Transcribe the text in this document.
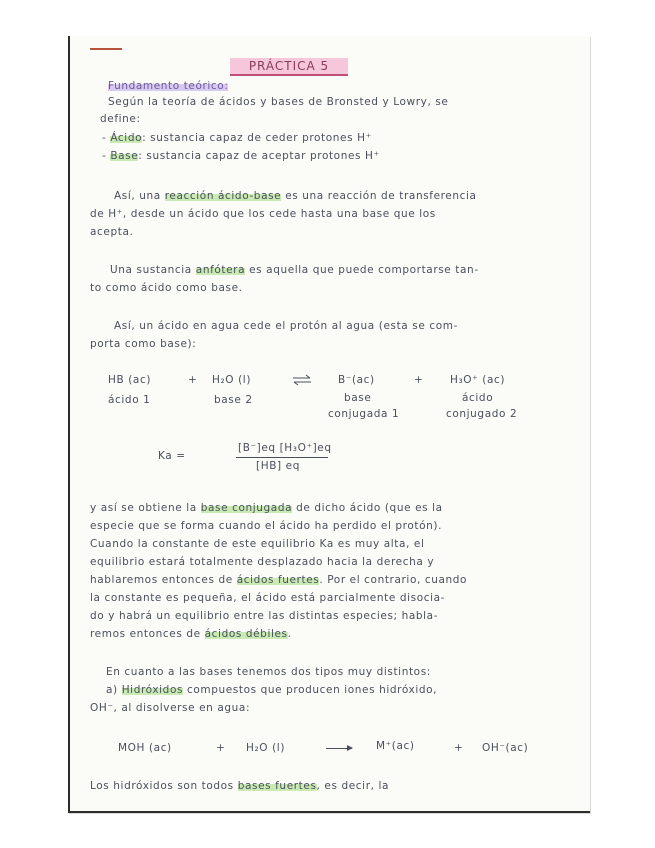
PRÁCTICA 5
Fundamento teórico:
Según la teoría de ácidos y bases de Bronsted y Lowry, se
define:
- Ácido: sustancia capaz de ceder protones H⁺
- Base: sustancia capaz de aceptar protones H⁺
Así, una reacción ácido-base es una reacción de transferencia
de H⁺, desde un ácido que los cede hasta una base que los
acepta.
Una sustancia anfótera es aquella que puede comportarse tan-
to como ácido como base.
Así, un ácido en agua cede el protón al agua (esta se com-
porta como base):
HB (ac)	+ H₂O (l)	B⁻(ac)	+	H₃O⁺ (ac)
ácido 1	base 2	base
conjugada 1
ácido
conjugado 2
Ka =
[B⁻]eq [H₃O⁺]eq
[HB] eq
y así se obtiene la base conjugada de dicho ácido (que es la
especie que se forma cuando el ácido ha perdido el protón).
Cuando la constante de este equilibrio Ka es muy alta, el
equilibrio estará totalmente desplazado hacia la derecha y
hablaremos entonces de ácidos fuertes. Por el contrario, cuando
la constante es pequeña, el ácido está parcialmente disocia-
do y habrá un equilibrio entre las distintas especies; habla-
remos entonces de ácidos débiles.
En cuanto a las bases tenemos dos tipos muy distintos:
a) Hidróxidos compuestos que producen iones hidróxido,
OH⁻, al disolverse en agua:
MOH (ac)	+ H₂O (l)	→ M⁺(ac)	+ OH⁻(ac)
Los hidróxidos son todos bases fuertes, es decir, la
